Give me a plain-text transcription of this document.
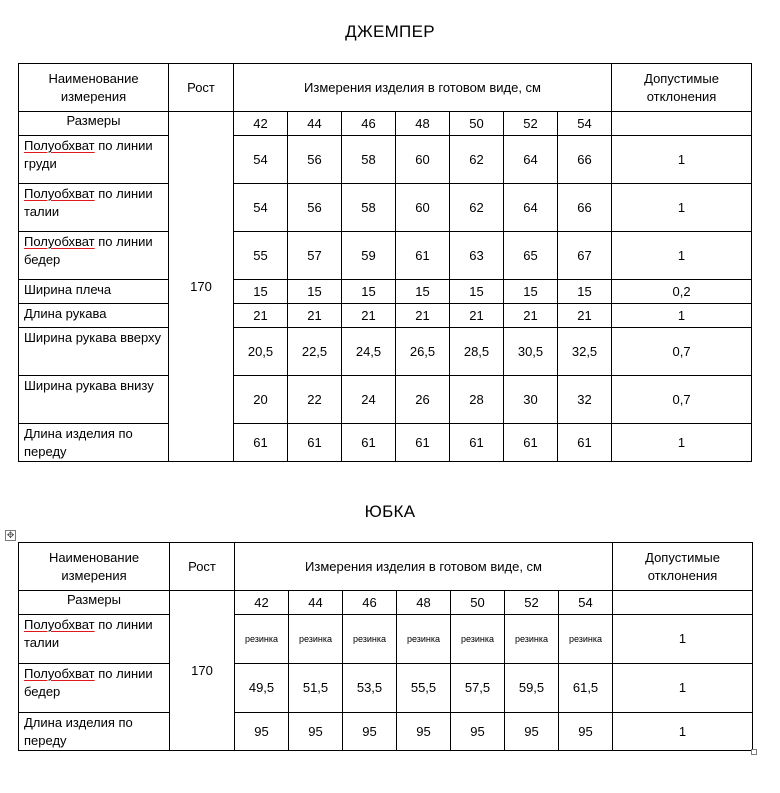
ДЖЕМПЕР
Наименование измерения	Рост	Измерения изделия в готовом виде, см							Допустимые отклонения
Размеры	170	42	44	46	48	50	52	54	
Полуобхват по линии груди		54	56	58	60	62	64	66	1
Полуобхват по линии талии		54	56	58	60	62	64	66	1
Полуобхват по линии бедер		55	57	59	61	63	65	67	1
Ширина плеча		15	15	15	15	15	15	15	0,2
Длина рукава		21	21	21	21	21	21	21	1
Ширина рукава вверху		20,5	22,5	24,5	26,5	28,5	30,5	32,5	0,7
Ширина рукава внизу		20	22	24	26	28	30	32	0,7
Длина изделия по переду		61	61	61	61	61	61	61	1
✥
ЮБКА
Наименование измерения	Рост	Измерения изделия в готовом виде, см							Допустимые отклонения
Размеры	170	42	44	46	48	50	52	54	
Полуобхват по линии талии		резинка	резинка	резинка	резинка	резинка	резинка	резинка	1
Полуобхват по линии бедер		49,5	51,5	53,5	55,5	57,5	59,5	61,5	1
Длина изделия по переду		95	95	95	95	95	95	95	1
